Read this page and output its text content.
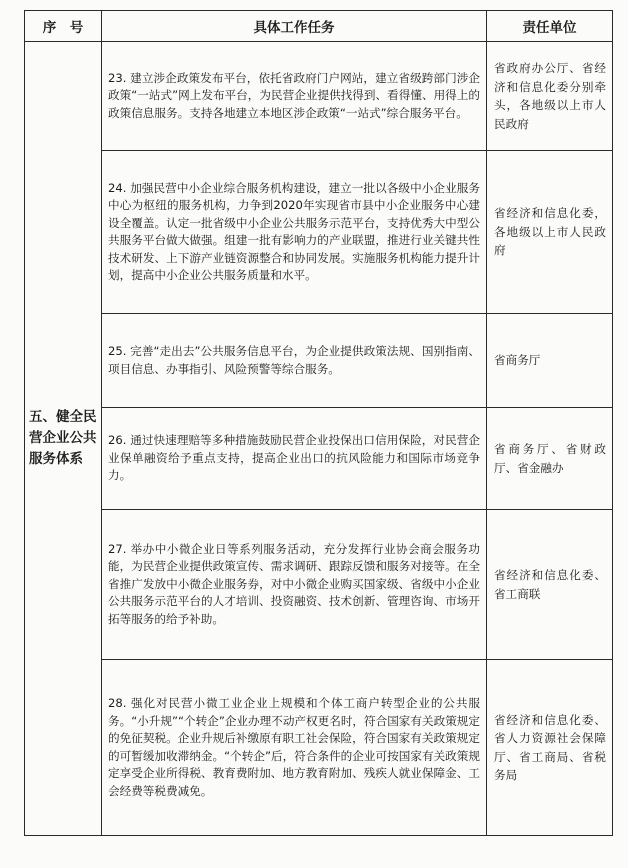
序　号	具体工作任务	责任单位
五、健全民营企业公共服务体系	23. 建立涉企政策发布平台，依托省政府门户网站，建立省级跨部门涉企政策“一站式”网上发布平台，为民营企业提供找得到、看得懂、用得上的政策信息服务。支持各地建立本地区涉企政策“一站式”综合服务平台。	省政府办公厅、省经济和信息化委分别牵头，各地级以上市人民政府
	24. 加强民营中小企业综合服务机构建设，建立一批以各级中小企业服务中心为枢纽的服务机构，力争到2020年实现省市县中小企业服务中心建设全覆盖。认定一批省级中小企业公共服务示范平台，支持优秀大中型公共服务平台做大做强。组建一批有影响力的产业联盟，推进行业关键共性技术研发、上下游产业链资源整合和协同发展。实施服务机构能力提升计划，提高中小企业公共服务质量和水平。	省经济和信息化委，各地级以上市人民政府
	25. 完善“走出去”公共服务信息平台，为企业提供政策法规、国别指南、项目信息、办事指引、风险预警等综合服务。	省商务厅
	26. 通过快速理赔等多种措施鼓励民营企业投保出口信用保险，对民营企业保单融资给予重点支持，提高企业出口的抗风险能力和国际市场竞争力。	省商务厅、省财政厅、省金融办
	27. 举办中小微企业日等系列服务活动，充分发挥行业协会商会服务功能，为民营企业提供政策宣传、需求调研、跟踪反馈和服务对接等。在全省推广发放中小微企业服务券，对中小微企业购买国家级、省级中小企业公共服务示范平台的人才培训、投资融资、技术创新、管理咨询、市场开拓等服务的给予补助。	省经济和信息化委、省工商联
	28. 强化对民营小微工业企业上规模和个体工商户转型企业的公共服务。“小升规”“个转企”企业办理不动产权更名时，符合国家有关政策规定的免征契税。企业升规后补缴原有职工社会保险，符合国家有关政策规定的可暂缓加收滞纳金。“个转企”后，符合条件的企业可按国家有关政策规定享受企业所得税、教育费附加、地方教育附加、残疾人就业保障金、工会经费等税费减免。	省经济和信息化委、省人力资源社会保障厅、省工商局、省税务局
